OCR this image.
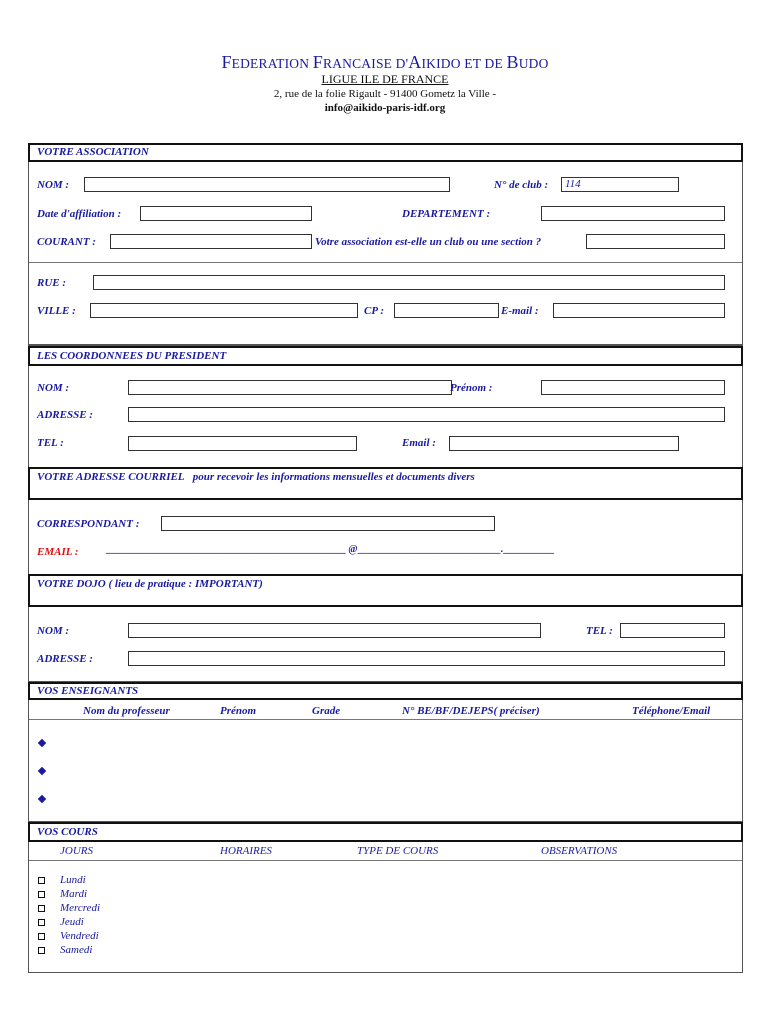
FEDERATION FRANCAISE D'AIKIDO ET DE BUDO
LIGUE ILE DE FRANCE
2, rue de la folie Rigault - 91400 Gometz la Ville -
info@aikido-paris-idf.org
VOTRE ASSOCIATION
NOM :	N° de club :	114
Date d'affiliation :	DEPARTEMENT :
COURANT :	Votre association est-elle un club ou une section ?
RUE :
VILLE :	CP :	E-mail :
LES COORDONNEES DU PRESIDENT
NOM :	Prénom :
ADRESSE :
TEL :	Email :
VOTRE ADRESSE COURRIEL pour recevoir les informations mensuelles et documents divers
CORRESPONDANT :
EMAIL :	_______________________________________________ @____________________________.__________
VOTRE DOJO ( lieu de pratique : IMPORTANT)
NOM :	TEL :
ADRESSE :
VOS ENSEIGNANTS
Nom du professeur	Prénom	Grade	N° BE/BF/DEJEPS( préciser)	Téléphone/Email
VOS COURS
JOURS	HORAIRES	TYPE DE COURS	OBSERVATIONS
Lundi
Mardi
Mercredi
Jeudi
Vendredi
Samedi
